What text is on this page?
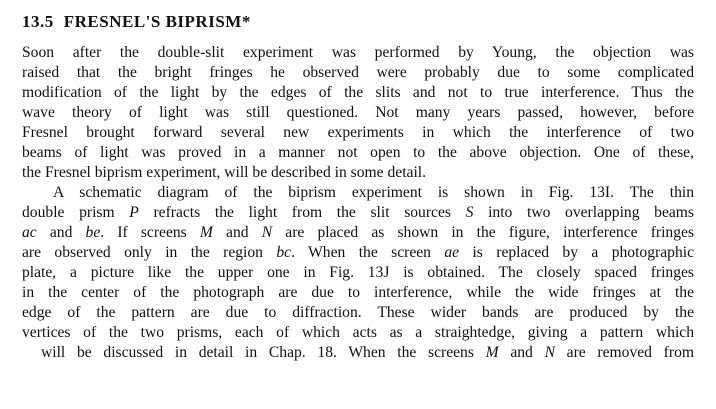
13.5 FRESNEL'S BIPRISM*
Soon after the double-slit experiment was performed by Young, the objection was
raised that the bright fringes he observed were probably due to some complicated
modification of the light by the edges of the slits and not to true interference. Thus the
wave theory of light was still questioned. Not many years passed, however, before
Fresnel brought forward several new experiments in which the interference of two
beams of light was proved in a manner not open to the above objection. One of these,
the Fresnel biprism experiment, will be described in some detail.
A schematic diagram of the biprism experiment is shown in Fig. 13I. The thin
double prism P refracts the light from the slit sources S into two overlapping beams
ac and be. If screens M and N are placed as shown in the figure, interference fringes
are observed only in the region bc. When the screen ae is replaced by a photographic
plate, a picture like the upper one in Fig. 13J is obtained. The closely spaced fringes
in the center of the photograph are due to interference, while the wide fringes at the
edge of the pattern are due to diffraction. These wider bands are produced by the
vertices of the two prisms, each of which acts as a straightedge, giving a pattern which
will be discussed in detail in Chap. 18. When the screens M and N are removed from
